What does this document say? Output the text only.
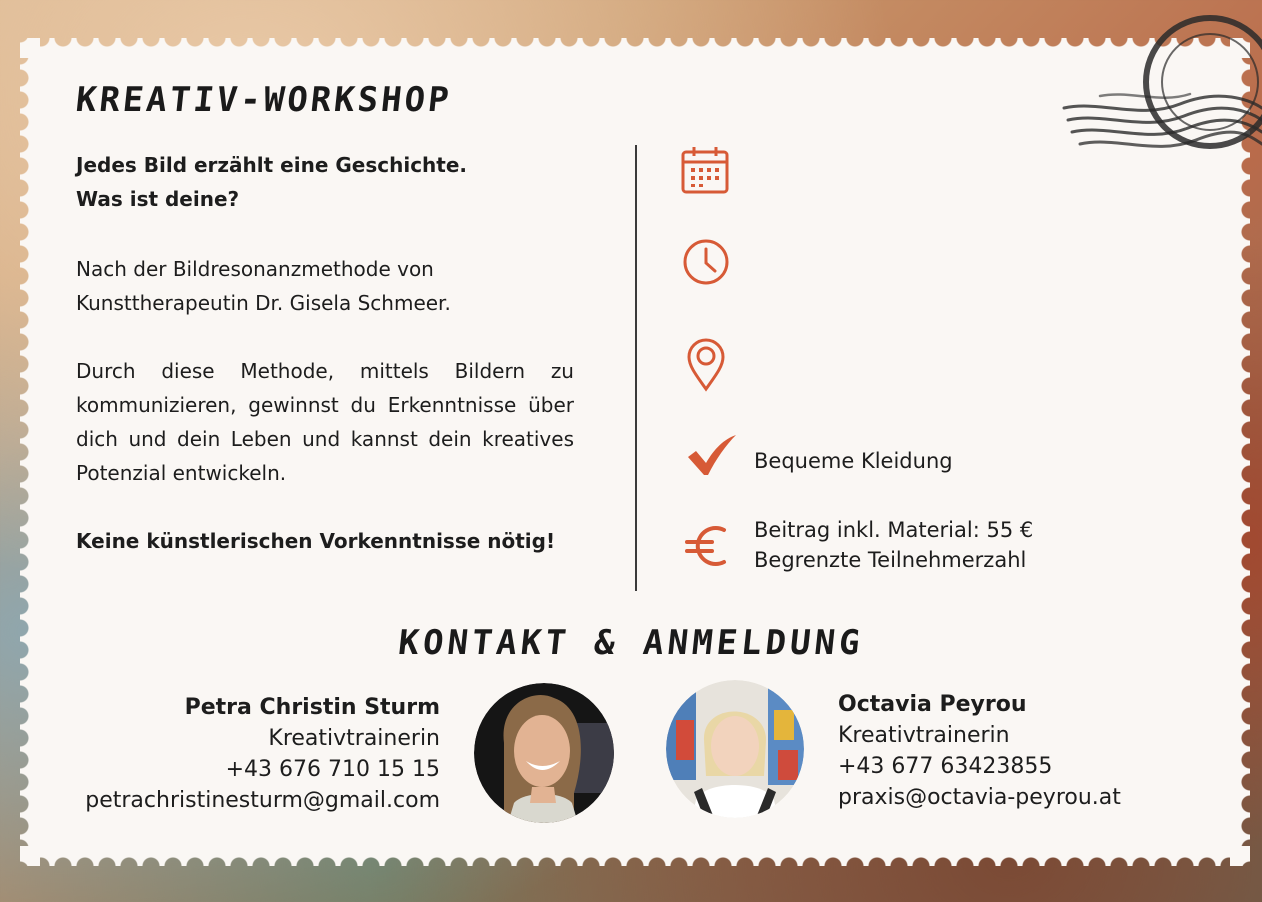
KREATIV-WORKSHOP

Jedes Bild erzählt eine Geschichte.
Was ist deine?

Nach der Bildresonanzmethode von
Kunsttherapeutin Dr. Gisela Schmeer.

Durch diese Methode, mittels Bildern zu kommunizieren, gewinnst du Erkenntnisse über dich und dein Leben und kannst dein kreatives Potenzial entwickeln.

Keine künstlerischen Vorkenntnisse nötig!

Bequeme Kleidung

Beitrag inkl. Material: 55 €
Begrenzte Teilnehmerzahl

KONTAKT & ANMELDUNG
Petra Christin Sturm
Kreativtrainerin
+43 676 710 15 15
petrachristinesturm@gmail.com
Octavia Peyrou
Kreativtrainerin
+43 677 63423855
praxis@octavia-peyrou.at
